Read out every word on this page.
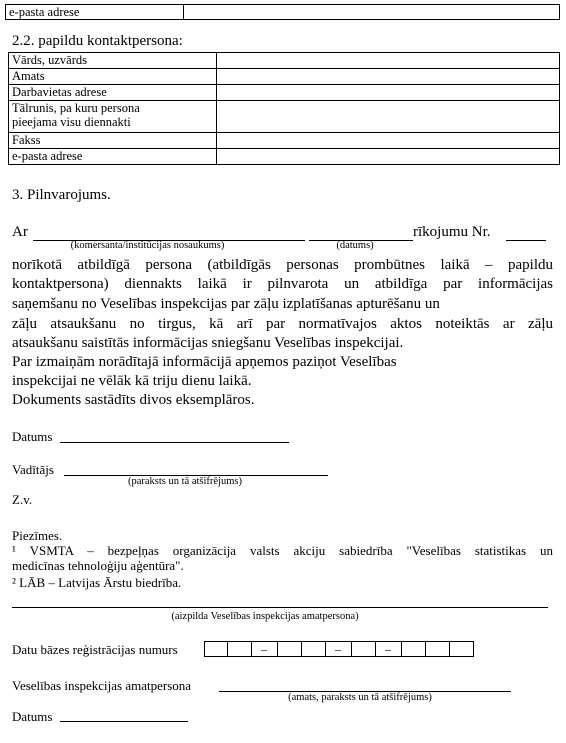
e-pasta adrese	
2.2. papildu kontaktpersona:
Vārds, uzvārds	
Amats	
Darbavietas adrese	
Tālrunis, pa kuru persona
pieejama visu diennakti	
Fakss	
e-pasta adrese	
3. Pilnvarojums.
Ar	rīkojumu Nr.
(komersanta/institūcijas nosaukums)	(datums)
norīkotā atbildīgā persona (atbildīgās personas prombūtnes laikā – papildu
kontaktpersona) diennakts laikā ir pilnvarota un atbildīga par informācijas
saņemšanu no Veselības inspekcijas par zāļu izplatīšanas apturēšanu un
zāļu atsaukšanu no tirgus, kā arī par normatīvajos aktos noteiktās ar zāļu
atsaukšanu saistītās informācijas sniegšanu Veselības inspekcijai.
Par izmaiņām norādītajā informācijā apņemos paziņot Veselības
inspekcijai ne vēlāk kā triju dienu laikā.
Dokuments sastādīts divos eksemplāros.
Datums
Vadītājs
(paraksts un tā atšifrējums)
Z.v.
Piezīmes.
¹ VSMTA – bezpeļņas organizācija valsts akciju sabiedrība "Veselības statistikas un
medicīnas tehnoloģiju aģentūra".
² LĀB – Latvijas Ārstu biedrība.
(aizpilda Veselības inspekcijas amatpersona)
Datu bāzes reģistrācijas numurs	–	–	–
Veselības inspekcijas amatpersona
(amats, paraksts un tā atšifrējums)
Datums
